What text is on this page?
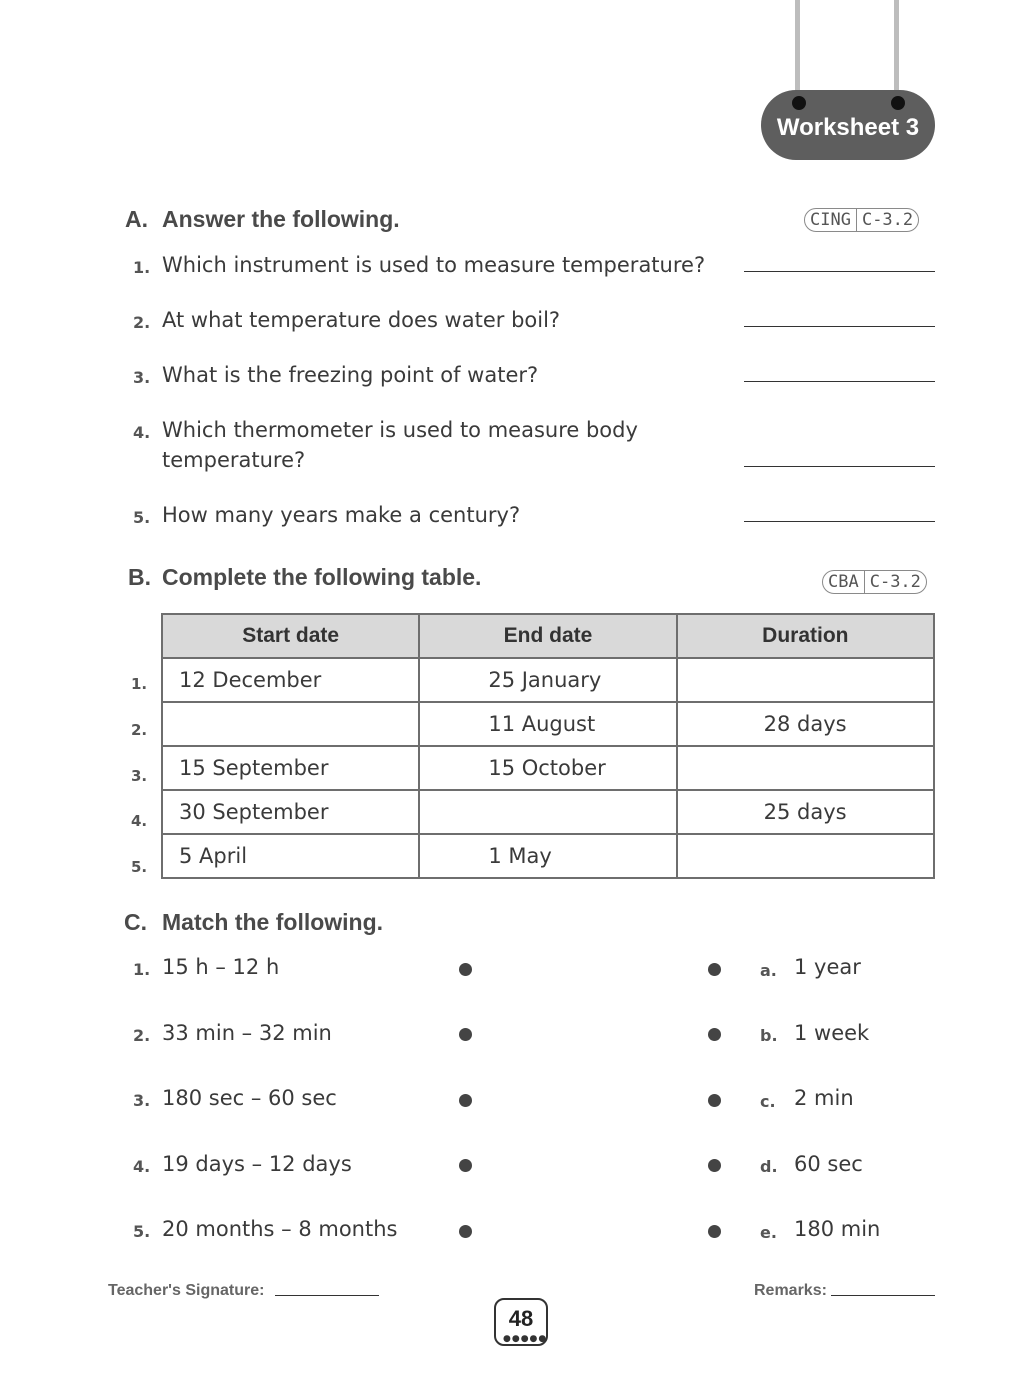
Worksheet 3
A. Answer the following.	CING C-3.2
1. Which instrument is used to measure temperature?
2. At what temperature does water boil?
3. What is the freezing point of water?
4. Which thermometer is used to measure body
temperature?
5. How many years make a century?
B. Complete the following table.	CBA C-3.2
Start date	End date	Duration
12 December	25 January	
	11 August	28 days
15 September	15 October	
30 September		25 days
5 April	1 May	
1.
2.
3.
4.
5.
C. Match the following.
1. 15 h – 12 h	a. 1 year
2. 33 min – 32 min	b. 1 week
3. 180 sec – 60 sec	c. 2 min
4. 19 days – 12 days	d. 60 sec
5. 20 months – 8 months	e. 180 min
Teacher's Signature:	Remarks:
48
●●●●●
